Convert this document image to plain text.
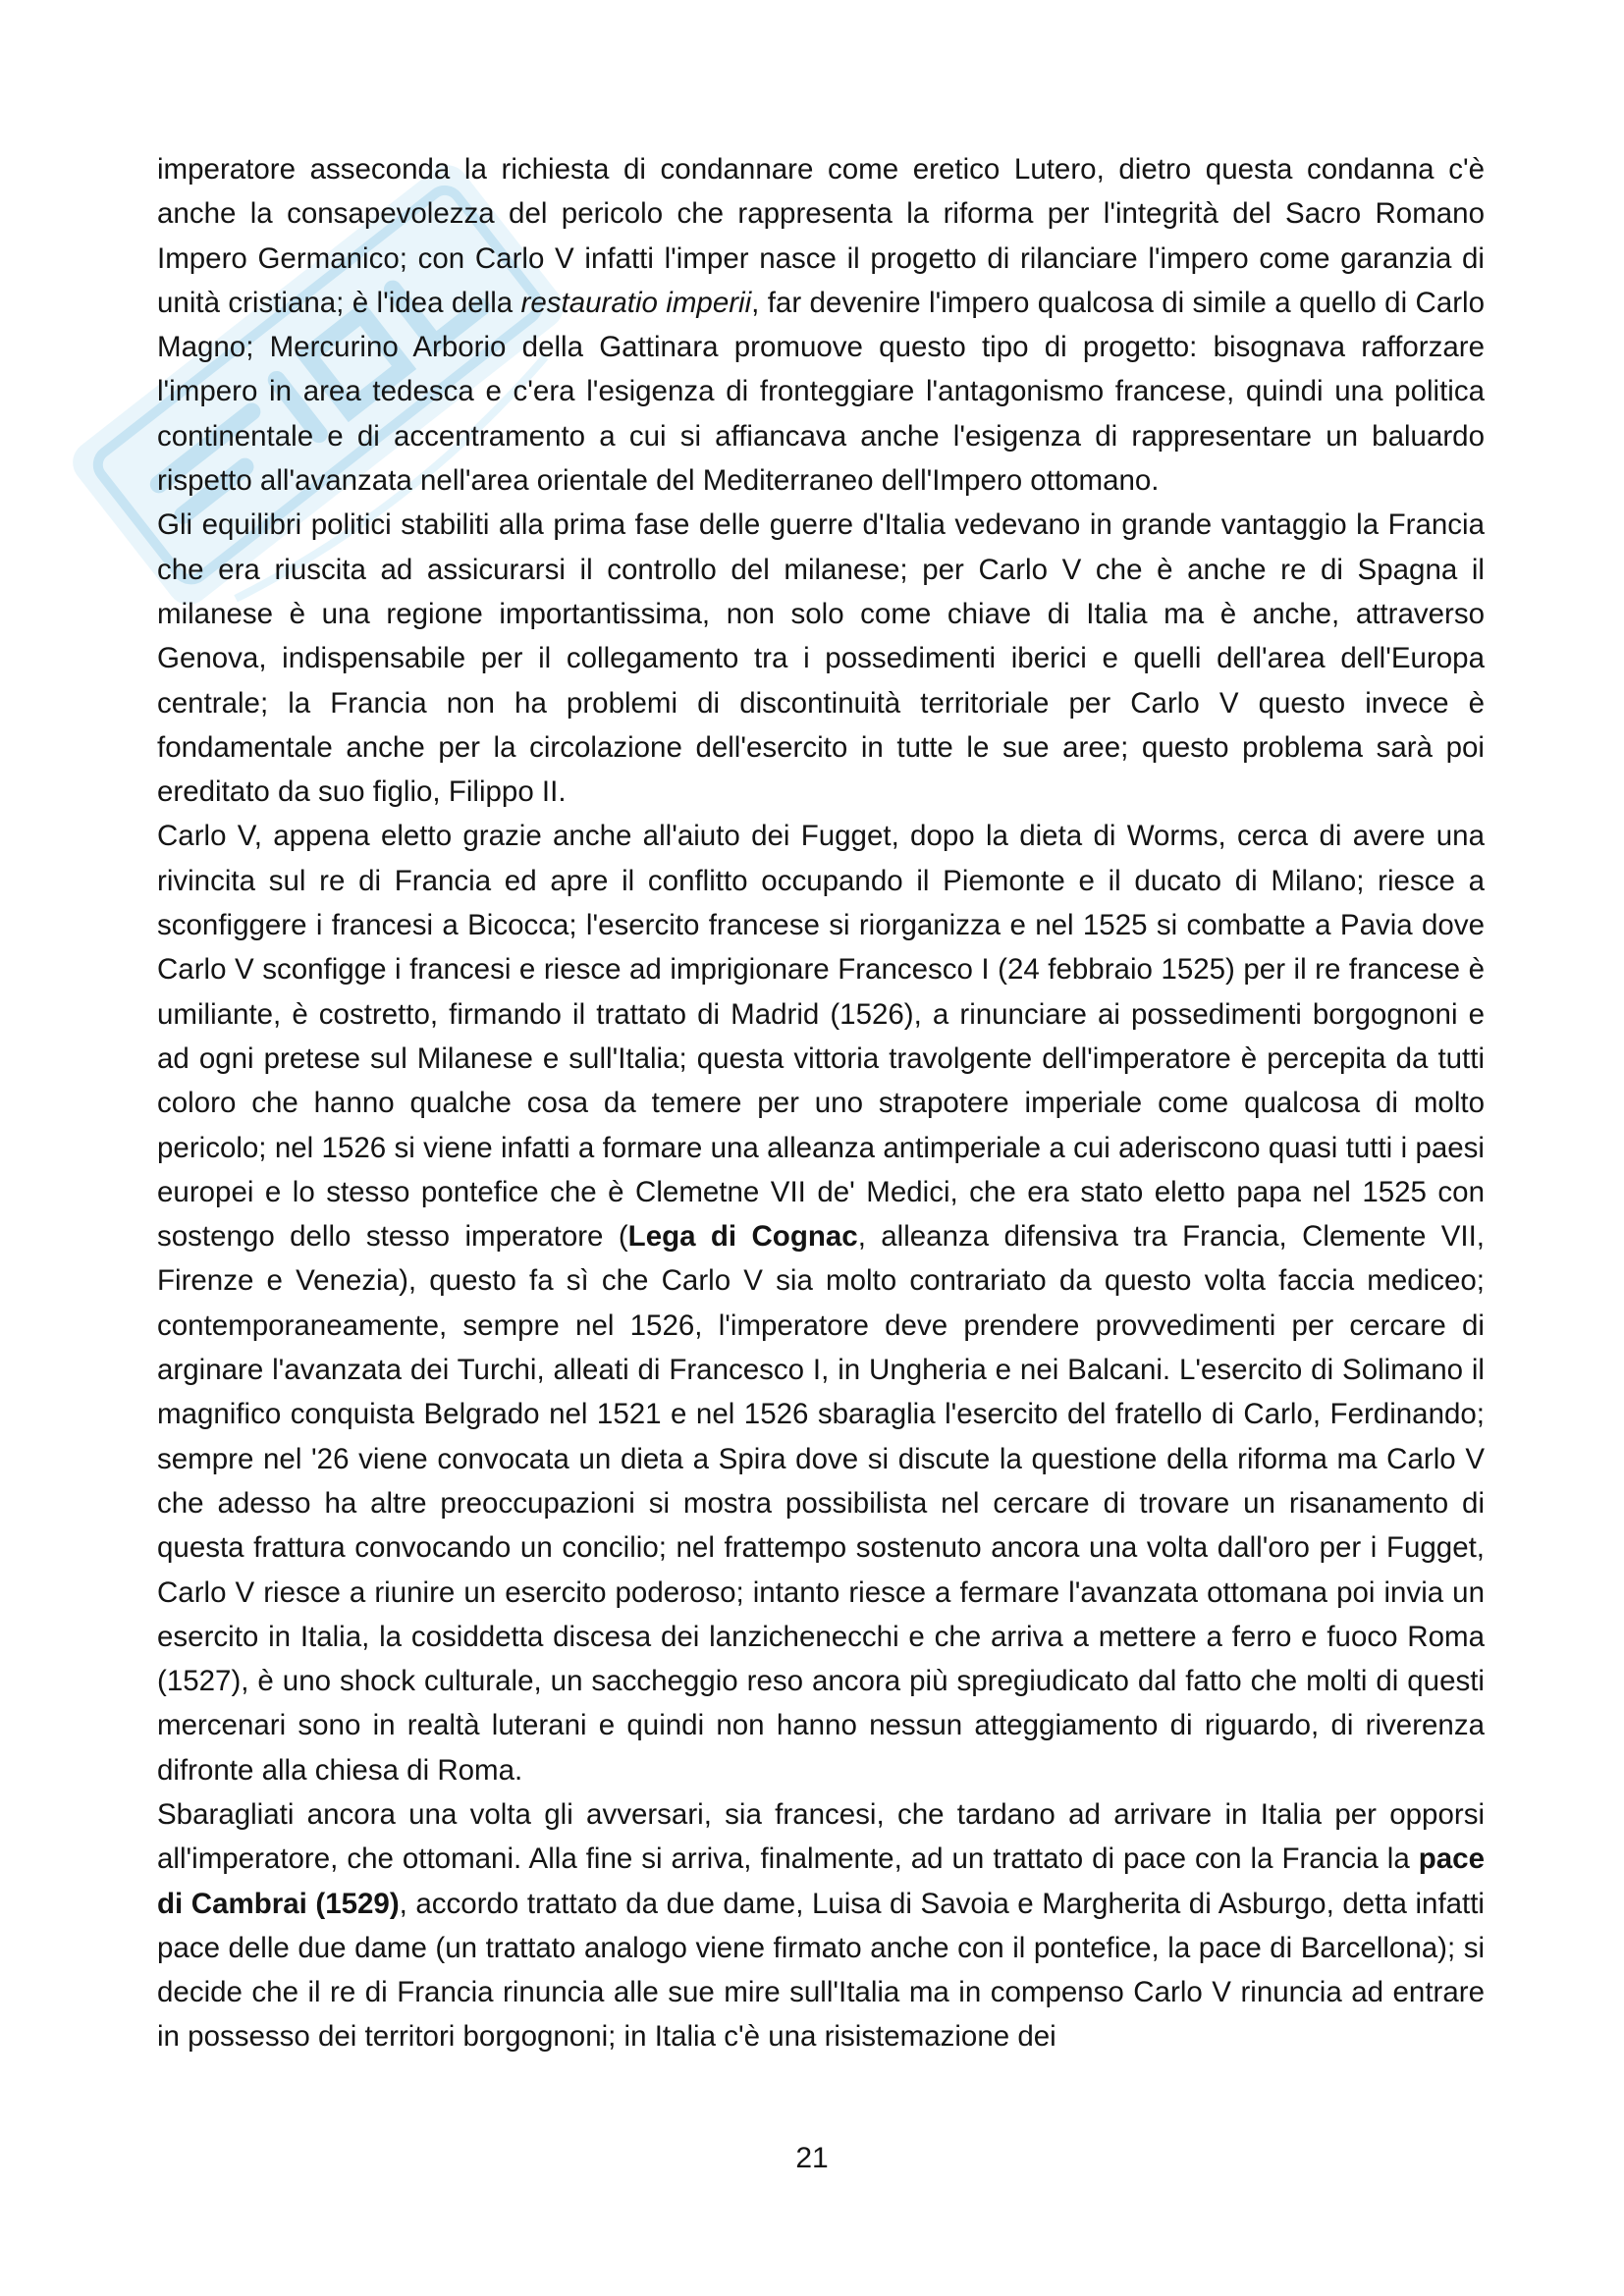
imperatore asseconda la richiesta di condannare come eretico Lutero, dietro questa condanna c'è anche la consapevolezza del pericolo che rappresenta la riforma per l'integrità del Sacro Romano Impero Germanico; con Carlo V infatti l'imper nasce il progetto di rilanciare l'impero come garanzia di unità cristiana; è l'idea della restauratio imperii, far devenire l'impero qualcosa di simile a quello di Carlo Magno; Mercurino Arborio della Gattinara promuove questo tipo di progetto: bisognava rafforzare l'impero in area tedesca e c'era l'esigenza di fronteggiare l'antagonismo francese, quindi una politica continentale e di accentramento a cui si affiancava anche l'esigenza di rappresentare un baluardo rispetto all'avanzata nell'area orientale del Mediterraneo dell'Impero ottomano.

Gli equilibri politici stabiliti alla prima fase delle guerre d'Italia vedevano in grande vantaggio la Francia che era riuscita ad assicurarsi il controllo del milanese; per Carlo V che è anche re di Spagna il milanese è una regione importantissima, non solo come chiave di Italia ma è anche, attraverso Genova, indispensabile per il collegamento tra i possedimenti iberici e quelli dell'area dell'Europa centrale; la Francia non ha problemi di discontinuità territoriale per Carlo V questo invece è fondamentale anche per la circolazione dell'esercito in tutte le sue aree; questo problema sarà poi ereditato da suo figlio, Filippo II.

Carlo V, appena eletto grazie anche all'aiuto dei Fugget, dopo la dieta di Worms, cerca di avere una rivincita sul re di Francia ed apre il conflitto occupando il Piemonte e il ducato di Milano; riesce a sconfiggere i francesi a Bicocca; l'esercito francese si riorganizza e nel 1525 si combatte a Pavia dove Carlo V sconfigge i francesi e riesce ad imprigionare Francesco I (24 febbraio 1525) per il re francese è umiliante, è costretto, firmando il trattato di Madrid (1526), a rinunciare ai possedimenti borgognoni e ad ogni pretese sul Milanese e sull'Italia; questa vittoria travolgente dell'imperatore è percepita da tutti coloro che hanno qualche cosa da temere per uno strapotere imperiale come qualcosa di molto pericolo; nel 1526 si viene infatti a formare una alleanza antimperiale a cui aderiscono quasi tutti i paesi europei e lo stesso pontefice che è Clemetne VII de' Medici, che era stato eletto papa nel 1525 con sostengo dello stesso imperatore (Lega di Cognac, alleanza difensiva tra Francia, Clemente VII, Firenze e Venezia), questo fa sì che Carlo V sia molto contrariato da questo volta faccia mediceo; contemporaneamente, sempre nel 1526, l'imperatore deve prendere provvedimenti per cercare di arginare l'avanzata dei Turchi, alleati di Francesco I, in Ungheria e nei Balcani. L'esercito di Solimano il magnifico conquista Belgrado nel 1521 e nel 1526 sbaraglia l'esercito del fratello di Carlo, Ferdinando; sempre nel '26 viene convocata un dieta a Spira dove si discute la questione della riforma ma Carlo V che adesso ha altre preoccupazioni si mostra possibilista nel cercare di trovare un risanamento di questa frattura convocando un concilio; nel frattempo sostenuto ancora una volta dall'oro per i Fugget, Carlo V riesce a riunire un esercito poderoso; intanto riesce a fermare l'avanzata ottomana poi invia un esercito in Italia, la cosiddetta discesa dei lanzichenecchi e che arriva a mettere a ferro e fuoco Roma (1527), è uno shock culturale, un saccheggio reso ancora più spregiudicato dal fatto che molti di questi mercenari sono in realtà luterani e quindi non hanno nessun atteggiamento di riguardo, di riverenza difronte alla chiesa di Roma.

Sbaragliati ancora una volta gli avversari, sia francesi, che tardano ad arrivare in Italia per opporsi all'imperatore, che ottomani. Alla fine si arriva, finalmente, ad un trattato di pace con la Francia la pace di Cambrai (1529), accordo trattato da due dame, Luisa di Savoia e Margherita di Asburgo, detta infatti pace delle due dame (un trattato analogo viene firmato anche con il pontefice, la pace di Barcellona); si decide che il re di Francia rinuncia alle sue mire sull'Italia ma in compenso Carlo V rinuncia ad entrare in possesso dei territori borgognoni; in Italia c'è una risistemazione dei

21
